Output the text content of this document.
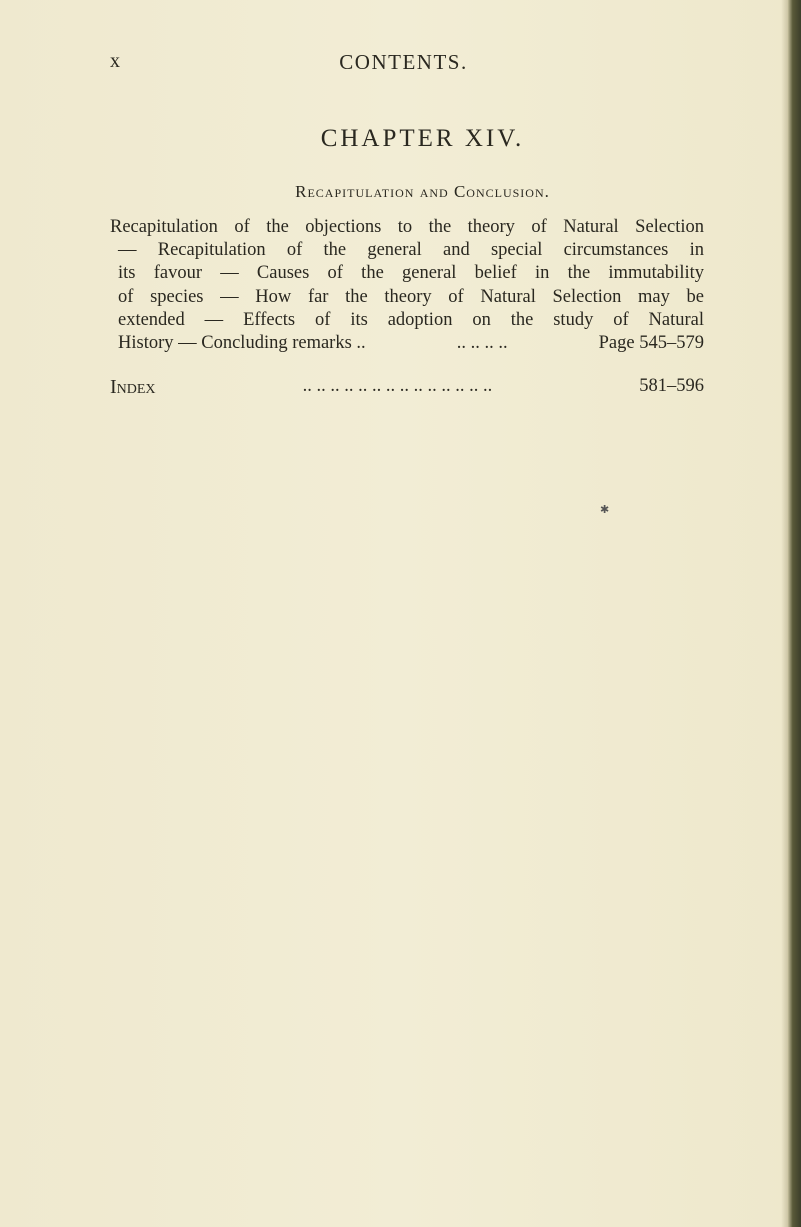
x	CONTENTS.
CHAPTER XIV.
Recapitulation and Conclusion.
Recapitulation of the objections to the theory of Natural Selection
— Recapitulation of the general and special circumstances in
its favour — Causes of the general belief in the immutability
of species — How far the theory of Natural Selection may be
extended — Effects of its adoption on the study of Natural
History — Concluding remarks ..	.. .. .. ..	Page 545–579
Index	.. .. .. .. .. .. .. .. .. .. .. .. .. ..	581–596
✱
